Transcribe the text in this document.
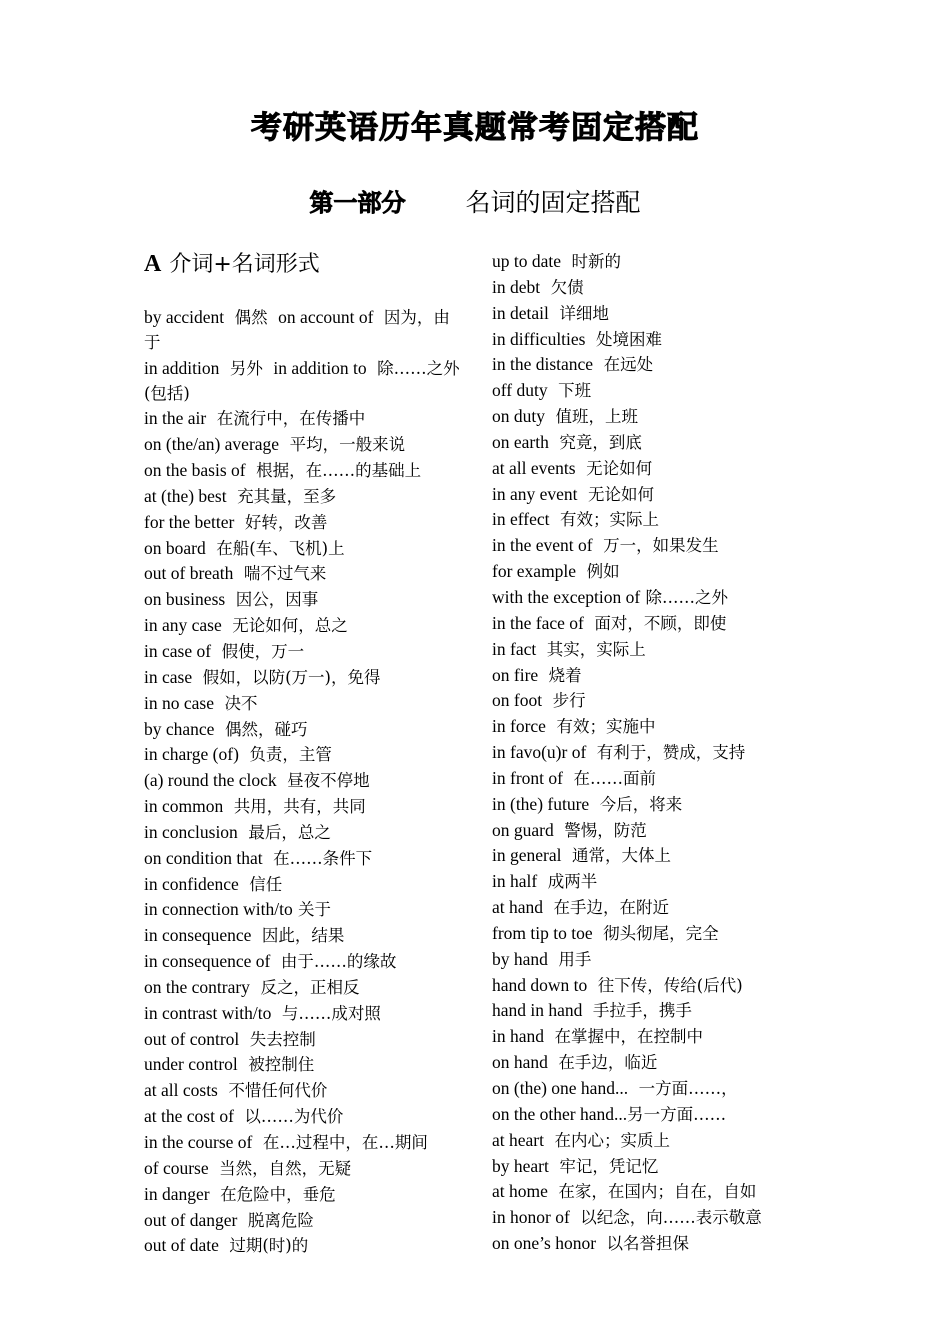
考研英语历年真题常考固定搭配
第一部分 名词的固定搭配
A 介词+名词形式
by accident 偶然 on account of 因为，由于
in addition 另外 in addition to 除……之外(包括)
in the air 在流行中，在传播中
on (the/an) average 平均，一般来说
on the basis of 根据，在……的基础上
at (the) best 充其量，至多
for the better 好转，改善
on board 在船(车、飞机)上
out of breath 喘不过气来
on business 因公，因事
in any case 无论如何，总之
in case of 假使，万一
in case 假如，以防(万一)，免得
in no case 决不
by chance 偶然，碰巧
in charge (of) 负责，主管
(a) round the clock 昼夜不停地
in common 共用，共有，共同
in conclusion 最后，总之
on condition that 在……条件下
in confidence 信任
in connection with/to 关于
in consequence 因此，结果
in consequence of 由于……的缘故
on the contrary 反之，正相反
in contrast with/to 与……成对照
out of control 失去控制
under control 被控制住
at all costs 不惜任何代价
at the cost of 以……为代价
in the course of 在…过程中，在…期间
of course 当然，自然，无疑
in danger 在危险中，垂危
out of danger 脱离危险
out of date 过期(时)的
up to date 时新的
in debt 欠债
in detail 详细地
in difficulties 处境困难
in the distance 在远处
off duty 下班
on duty 值班，上班
on earth 究竟，到底
at all events 无论如何
in any event 无论如何
in effect 有效；实际上
in the event of 万一，如果发生
for example 例如
with the exception of 除……之外
in the face of 面对，不顾，即使
in fact 其实，实际上
on fire 烧着
on foot 步行
in force 有效；实施中
in favo(u)r of 有利于，赞成，支持
in front of 在……面前
in (the) future 今后，将来
on guard 警惕，防范
in general 通常，大体上
in half 成两半
at hand 在手边，在附近
from tip to toe 彻头彻尾，完全
by hand 用手
hand down to 往下传，传给(后代)
hand in hand 手拉手，携手
in hand 在掌握中，在控制中
on hand 在手边，临近
on (the) one hand... 一方面……，
on the other hand...另一方面……
at heart 在内心；实质上
by heart 牢记，凭记忆
at home 在家，在国内；自在，自如
in honor of 以纪念，向……表示敬意
on one’s honor 以名誉担保
